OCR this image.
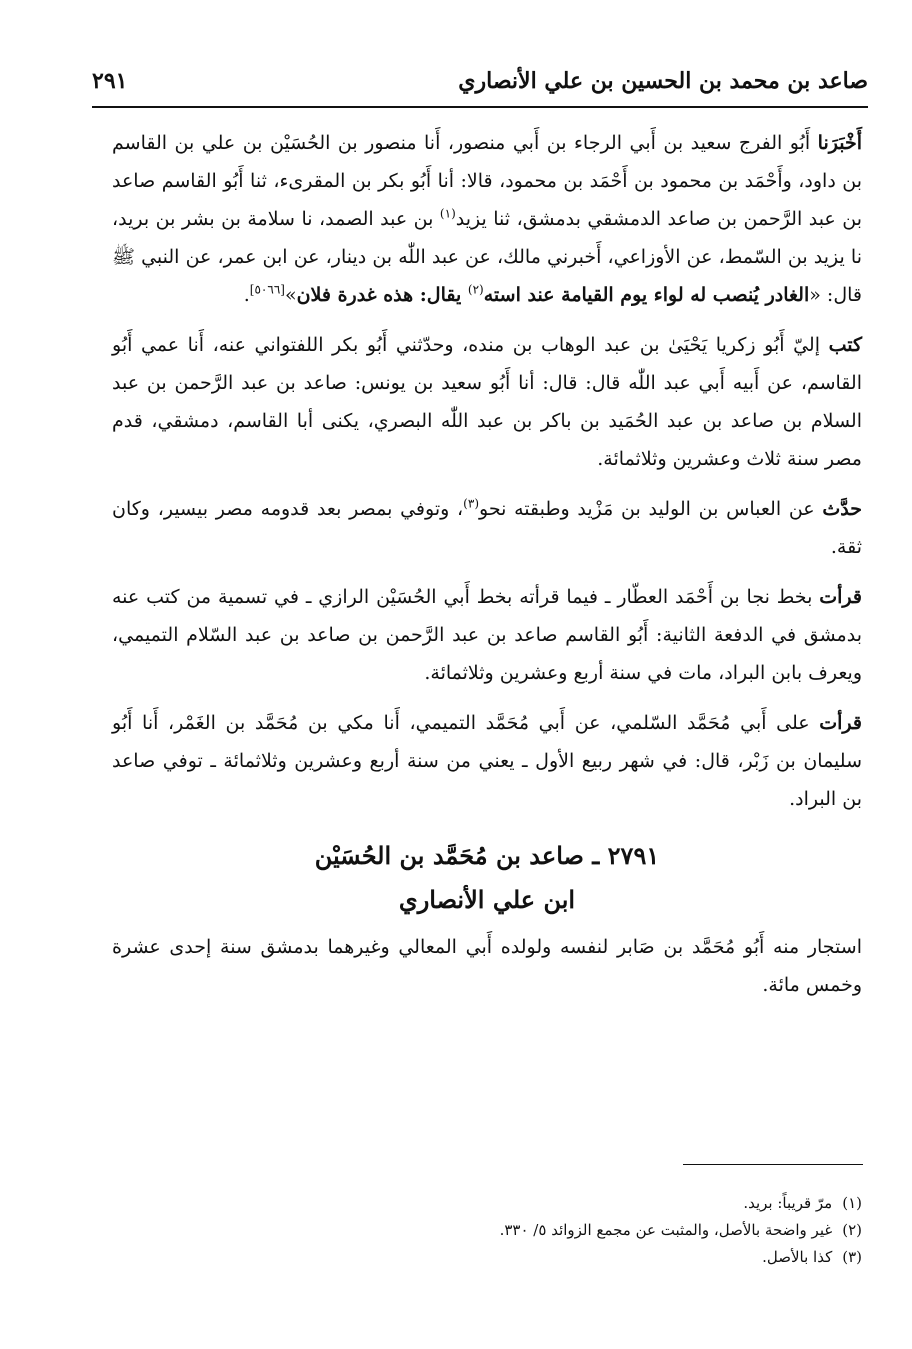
صاعد بن محمد بن الحسين بن علي الأنصاري
٢٩١

أَخْبَرَنا أَبُو الفرج سعيد بن أَبي الرجاء بن أَبي منصور، أَنا منصور بن الحُسَيْن بن علي بن القاسم بن داود، وأَحْمَد بن محمود بن أَحْمَد بن محمود، قالا: أنا أَبُو بكر بن المقرىء، ثنا أَبُو القاسم صاعد بن عبد الرَّحمن بن صاعد الدمشقي بدمشق، ثنا يزيد$^{(١)}$ بن عبد الصمد، نا سلامة بن بشر بن بريد، نا يزيد بن السّمط، عن الأوزاعي، أَخبرني مالك، عن عبد اللّٰه بن دينار، عن ابن عمر، عن النبي ﷺ قال: «الغادر يُنصب له لواء يوم القيامة عند استه$^{(٢)}$ يقال: هذه غدرة فلان»[٥٠٦٦].

كتب إليّ أَبُو زكريا يَحْيَىٰ بن عبد الوهاب بن منده، وحدّثني أَبُو بكر اللفتواني عنه، أَنا عمي أَبُو القاسم، عن أَبيه أَبي عبد اللّٰه قال: قال: أنا أَبُو سعيد بن يونس: صاعد بن عبد الرَّحمن بن عبد السلام بن صاعد بن عبد الحُمَيد بن باكر بن عبد اللّٰه البصري، يكنى أبا القاسم، دمشقي، قدم مصر سنة ثلاث وعشرين وثلاثمائة.

حدَّث عن العباس بن الوليد بن مَزْيد وطبقته نحو$^{(٣)}$، وتوفي بمصر بعد قدومه مصر بيسير، وكان ثقة.

قرأت بخط نجا بن أَحْمَد العطّار ـ فيما قرأته بخط أَبي الحُسَيْن الرازي ـ في تسمية من كتب عنه بدمشق في الدفعة الثانية: أَبُو القاسم صاعد بن عبد الرَّحمن بن صاعد بن عبد السّلام التميمي، ويعرف بابن البراد، مات في سنة أربع وعشرين وثلاثمائة.

قرأت على أَبي مُحَمَّد السّلمي، عن أَبي مُحَمَّد التميمي، أَنا مكي بن مُحَمَّد بن الغَمْر، أَنا أَبُو سليمان بن زَبْر، قال: في شهر ربيع الأول ـ يعني من سنة أربع وعشرين وثلاثمائة ـ توفي صاعد بن البراد.

٢٧٩١ ـ صاعد بن مُحَمَّد بن الحُسَيْن
ابن علي الأنصاري

استجار منه أَبُو مُحَمَّد بن صَابر لنفسه ولولده أَبي المعالي وغيرهما بدمشق سنة إحدى عشرة وخمس مائة.

(١)مرّ قريباً: بريد.
(٢)غير واضحة بالأصل، والمثبت عن مجمع الزوائد ٥/ ٣٣٠.
(٣)كذا بالأصل.
